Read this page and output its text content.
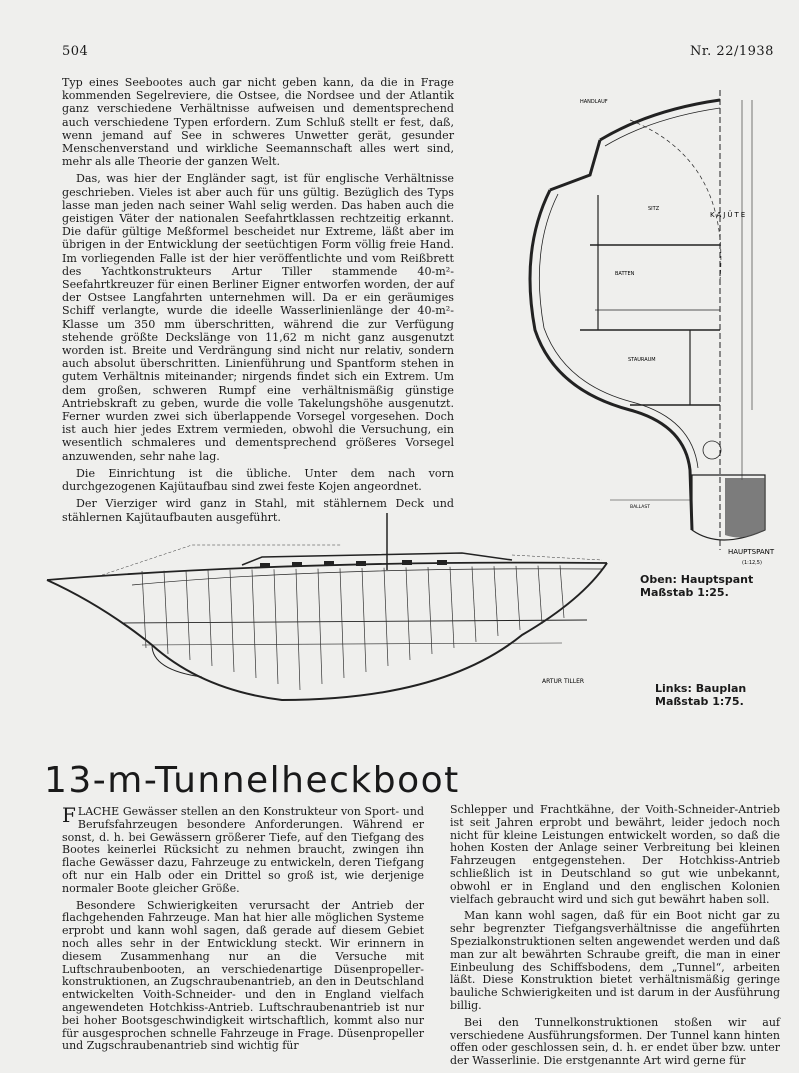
504	Nr. 22/1938

Typ eines Seebootes auch gar nicht geben kann, da die in Frage kommenden Segelreviere, die Ostsee, die Nordsee und der Atlantik ganz verschiedene Verhältnisse aufweisen und dementsprechend auch verschiedene Typen erfordern. Zum Schluß stellt er fest, daß, wenn jemand auf See in schweres Unwetter gerät, gesunder Menschenverstand und wirkliche Seemannschaft alles wert sind, mehr als alle Theorie der ganzen Welt.

Das, was hier der Engländer sagt, ist für englische Verhältnisse geschrieben. Vieles ist aber auch für uns gültig. Bezüglich des Typs lasse man jeden nach seiner Wahl selig werden. Das haben auch die geistigen Väter der nationalen Seefahrtklassen rechtzeitig erkannt. Die dafür gültige Meßformel bescheidet nur Extreme, läßt aber im übrigen in der Entwicklung der seetüchtigen Form völlig freie Hand. Im vorliegenden Falle ist der hier veröffentlichte und vom Reißbrett des Yachtkonstrukteurs Artur Tiller stammende 40-m²-Seefahrtkreuzer für einen Berliner Eigner entworfen worden, der auf der Ostsee Langfahrten unternehmen will. Da er ein geräumiges Schiff verlangte, wurde die ideelle Wasserlinienlänge der 40-m²-Klasse um 350 mm überschritten, während die zur Verfügung stehende größte Deckslänge von 11,62 m nicht ganz ausgenutzt worden ist. Breite und Verdrängung sind nicht nur relativ, sondern auch absolut überschritten. Linienführung und Spantform stehen in gutem Verhältnis miteinander; nirgends findet sich ein Extrem. Um dem großen, schweren Rumpf eine verhältnismäßig günstige Antriebskraft zu geben, wurde die volle Takelungshöhe ausgenutzt. Ferner wurden zwei sich überlappende Vorsegel vorgesehen. Doch ist auch hier jedes Extrem vermieden, obwohl die Versuchung, ein wesentlich schmaleres und dementsprechend größeres Vorsegel anzuwenden, sehr nahe lag.

Die Einrichtung ist die übliche. Unter dem nach vorn durchgezogenen Kajütaufbau sind zwei feste Kojen angeordnet.

Der Vierziger wird ganz in Stahl, mit stählernem Deck und stählernen Kajütaufbauten ausgeführt.

KAJÜTE
HANDLAUF
BATTEN
STAURAUM
SITZ
BALLAST
HAUPTSPANT
(1:12,5)
Oben: Hauptspant Maßstab 1:25.
ARTUR TILLER
Links: Bauplan Maßstab 1:75.
13-m-Tunnelheckboot

FLACHE Gewässer stellen an den Konstrukteur von Sport- und Berufsfahrzeugen besondere Anforderungen. Während er sonst, d. h. bei Gewässern größerer Tiefe, auf den Tiefgang des Bootes keinerlei Rücksicht zu nehmen braucht, zwingen ihn flache Gewässer dazu, Fahrzeuge zu entwickeln, deren Tiefgang oft nur ein Halb oder ein Drittel so groß ist, wie derjenige normaler Boote gleicher Größe.

Besondere Schwierigkeiten verursacht der Antrieb der flachgehenden Fahrzeuge. Man hat hier alle möglichen Systeme erprobt und kann wohl sagen, daß gerade auf diesem Gebiet noch alles sehr in der Entwicklung steckt. Wir erinnern in diesem Zusammenhang nur an die Versuche mit Luftschraubenbooten, an verschiedenartige Düsenpropeller-konstruktionen, an Zugschraubenantrieb, an den in Deutschland entwickelten Voith-Schneider- und den in England vielfach angewendeten Hotchkiss-Antrieb. Luftschraubenantrieb ist nur bei hoher Bootsgeschwindigkeit wirtschaftlich, kommt also nur für ausgesprochen schnelle Fahrzeuge in Frage. Düsenpropeller und Zugschraubenantrieb sind wichtig für

Schlepper und Frachtkähne, der Voith-Schneider-Antrieb ist seit Jahren erprobt und bewährt, leider jedoch noch nicht für kleine Leistungen entwickelt worden, so daß die hohen Kosten der Anlage seiner Verbreitung bei kleinen Fahrzeugen entgegenstehen. Der Hotchkiss-Antrieb schließlich ist in Deutschland so gut wie unbekannt, obwohl er in England und den englischen Kolonien vielfach gebraucht wird und sich gut bewährt haben soll.

Man kann wohl sagen, daß für ein Boot nicht gar zu sehr begrenzter Tiefgangsverhältnisse die angeführten Spezialkonstruktionen selten angewendet werden und daß man zur alt bewährten Schraube greift, die man in einer Einbeulung des Schiffsbodens, dem „Tunnel“, arbeiten läßt. Diese Konstruktion bietet verhältnismäßig geringe bauliche Schwierigkeiten und ist darum in der Ausführung billig.

Bei den Tunnelkonstruktionen stoßen wir auf verschiedene Ausführungsformen. Der Tunnel kann hinten offen oder geschlossen sein, d. h. er endet über bzw. unter der Wasserlinie. Die erstgenannte Art wird gerne für
